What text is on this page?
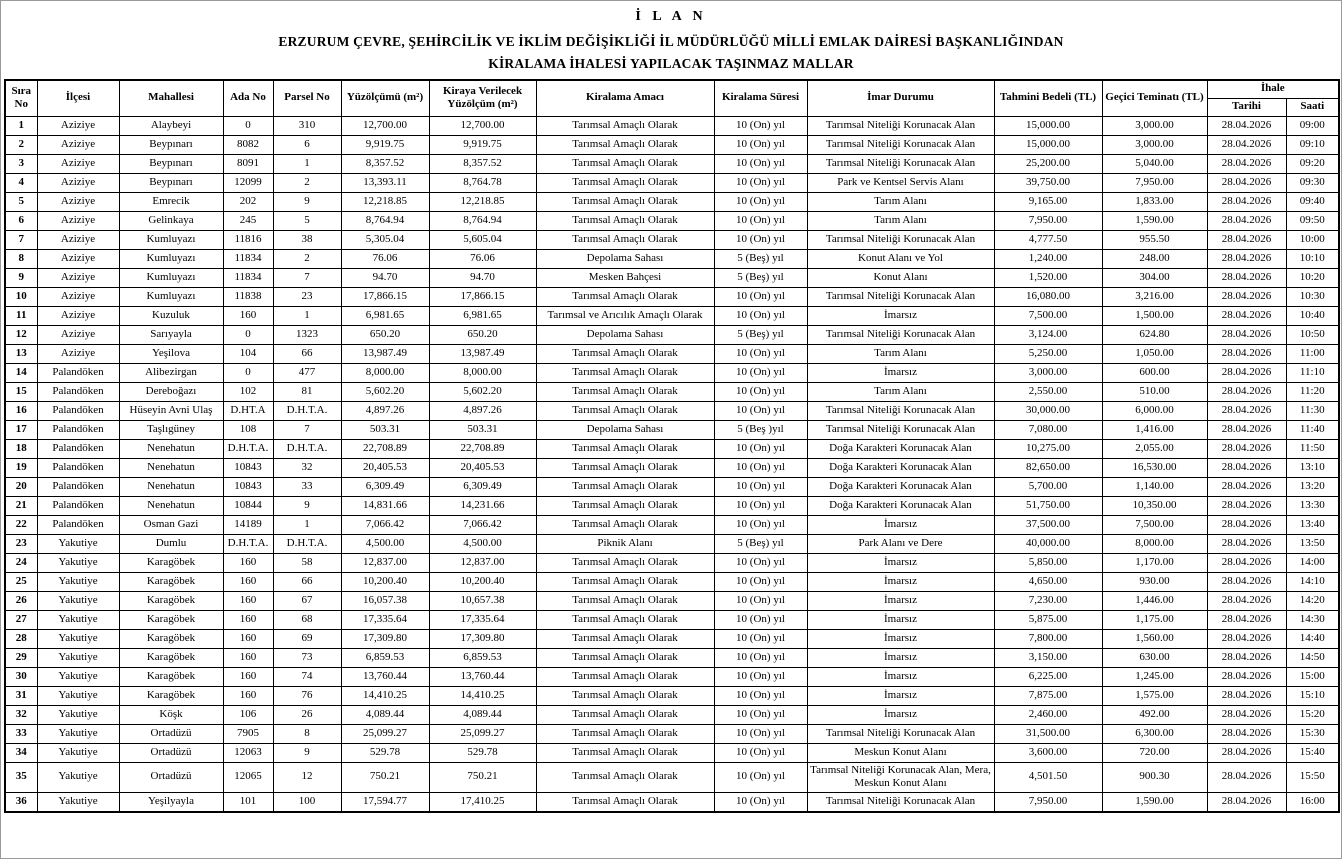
İ L A N
ERZURUM ÇEVRE, ŞEHİRCİLİK VE İKLİM DEĞİŞİKLİĞİ İL MÜDÜRLÜĞÜ MİLLİ EMLAK DAİRESİ BAŞKANLIĞINDAN
KİRALAMA İHALESİ YAPILACAK TAŞINMAZ MALLAR
Sıra No	İlçesi	Mahallesi	Ada No	Parsel No	Yüzölçümü (m²)	Kiraya Verilecek Yüzölçüm (m²)	Kiralama Amacı	Kiralama Süresi	İmar Durumu	Tahmini Bedeli (TL)	Geçici Teminatı (TL)	İhale	
												Tarihi	Saati
1	Aziziye	Alaybeyi	0	310	12,700.00	12,700.00	Tarımsal Amaçlı Olarak	10 (On) yıl	Tarımsal Niteliği Korunacak Alan	15,000.00	3,000.00	28.04.2026	09:00
2	Aziziye	Beypınarı	8082	6	9,919.75	9,919.75	Tarımsal Amaçlı Olarak	10 (On) yıl	Tarımsal Niteliği Korunacak Alan	15,000.00	3,000.00	28.04.2026	09:10
3	Aziziye	Beypınarı	8091	1	8,357.52	8,357.52	Tarımsal Amaçlı Olarak	10 (On) yıl	Tarımsal Niteliği Korunacak Alan	25,200.00	5,040.00	28.04.2026	09:20
4	Aziziye	Beypınarı	12099	2	13,393.11	8,764.78	Tarımsal Amaçlı Olarak	10 (On) yıl	Park ve Kentsel Servis Alanı	39,750.00	7,950.00	28.04.2026	09:30
5	Aziziye	Emrecik	202	9	12,218.85	12,218.85	Tarımsal Amaçlı Olarak	10 (On) yıl	Tarım Alanı	9,165.00	1,833.00	28.04.2026	09:40
6	Aziziye	Gelinkaya	245	5	8,764.94	8,764.94	Tarımsal Amaçlı Olarak	10 (On) yıl	Tarım Alanı	7,950.00	1,590.00	28.04.2026	09:50
7	Aziziye	Kumluyazı	11816	38	5,305.04	5,605.04	Tarımsal Amaçlı Olarak	10 (On) yıl	Tarımsal Niteliği Korunacak Alan	4,777.50	955.50	28.04.2026	10:00
8	Aziziye	Kumluyazı	11834	2	76.06	76.06	Depolama Sahası	5 (Beş) yıl	Konut Alanı ve Yol	1,240.00	248.00	28.04.2026	10:10
9	Aziziye	Kumluyazı	11834	7	94.70	94.70	Mesken Bahçesi	5 (Beş) yıl	Konut Alanı	1,520.00	304.00	28.04.2026	10:20
10	Aziziye	Kumluyazı	11838	23	17,866.15	17,866.15	Tarımsal Amaçlı Olarak	10 (On) yıl	Tarımsal Niteliği Korunacak Alan	16,080.00	3,216.00	28.04.2026	10:30
11	Aziziye	Kuzuluk	160	1	6,981.65	6,981.65	Tarımsal ve Arıcılık Amaçlı Olarak	10 (On) yıl	İmarsız	7,500.00	1,500.00	28.04.2026	10:40
12	Aziziye	Sarıyayla	0	1323	650.20	650.20	Depolama Sahası	5 (Beş) yıl	Tarımsal Niteliği Korunacak Alan	3,124.00	624.80	28.04.2026	10:50
13	Aziziye	Yeşilova	104	66	13,987.49	13,987.49	Tarımsal Amaçlı Olarak	10 (On) yıl	Tarım Alanı	5,250.00	1,050.00	28.04.2026	11:00
14	Palandöken	Alibezirgan	0	477	8,000.00	8,000.00	Tarımsal Amaçlı Olarak	10 (On) yıl	İmarsız	3,000.00	600.00	28.04.2026	11:10
15	Palandöken	Dereboğazı	102	81	5,602.20	5,602.20	Tarımsal Amaçlı Olarak	10 (On) yıl	Tarım Alanı	2,550.00	510.00	28.04.2026	11:20
16	Palandöken	Hüseyin Avni Ulaş	D.HT.A	D.H.T.A.	4,897.26	4,897.26	Tarımsal Amaçlı Olarak	10 (On) yıl	Tarımsal Niteliği Korunacak Alan	30,000.00	6,000.00	28.04.2026	11:30
17	Palandöken	Taşlıgüney	108	7	503.31	503.31	Depolama Sahası	5 (Beş )yıl	Tarımsal Niteliği Korunacak Alan	7,080.00	1,416.00	28.04.2026	11:40
18	Palandöken	Nenehatun	D.H.T.A.	D.H.T.A.	22,708.89	22,708.89	Tarımsal Amaçlı Olarak	10 (On) yıl	Doğa Karakteri Korunacak Alan	10,275.00	2,055.00	28.04.2026	11:50
19	Palandöken	Nenehatun	10843	32	20,405.53	20,405.53	Tarımsal Amaçlı Olarak	10 (On) yıl	Doğa Karakteri Korunacak Alan	82,650.00	16,530.00	28.04.2026	13:10
20	Palandöken	Nenehatun	10843	33	6,309.49	6,309.49	Tarımsal Amaçlı Olarak	10 (On) yıl	Doğa Karakteri Korunacak Alan	5,700.00	1,140.00	28.04.2026	13:20
21	Palandöken	Nenehatun	10844	9	14,831.66	14,231.66	Tarımsal Amaçlı Olarak	10 (On) yıl	Doğa Karakteri Korunacak Alan	51,750.00	10,350.00	28.04.2026	13:30
22	Palandöken	Osman Gazi	14189	1	7,066.42	7,066.42	Tarımsal Amaçlı Olarak	10 (On) yıl	İmarsız	37,500.00	7,500.00	28.04.2026	13:40
23	Yakutiye	Dumlu	D.H.T.A.	D.H.T.A.	4,500.00	4,500.00	Piknik Alanı	5 (Beş) yıl	Park Alanı ve Dere	40,000.00	8,000.00	28.04.2026	13:50
24	Yakutiye	Karagöbek	160	58	12,837.00	12,837.00	Tarımsal Amaçlı Olarak	10 (On) yıl	İmarsız	5,850.00	1,170.00	28.04.2026	14:00
25	Yakutiye	Karagöbek	160	66	10,200.40	10,200.40	Tarımsal Amaçlı Olarak	10 (On) yıl	İmarsız	4,650.00	930.00	28.04.2026	14:10
26	Yakutiye	Karagöbek	160	67	16,057.38	10,657.38	Tarımsal Amaçlı Olarak	10 (On) yıl	İmarsız	7,230.00	1,446.00	28.04.2026	14:20
27	Yakutiye	Karagöbek	160	68	17,335.64	17,335.64	Tarımsal Amaçlı Olarak	10 (On) yıl	İmarsız	5,875.00	1,175.00	28.04.2026	14:30
28	Yakutiye	Karagöbek	160	69	17,309.80	17,309.80	Tarımsal Amaçlı Olarak	10 (On) yıl	İmarsız	7,800.00	1,560.00	28.04.2026	14:40
29	Yakutiye	Karagöbek	160	73	6,859.53	6,859.53	Tarımsal Amaçlı Olarak	10 (On) yıl	İmarsız	3,150.00	630.00	28.04.2026	14:50
30	Yakutiye	Karagöbek	160	74	13,760.44	13,760.44	Tarımsal Amaçlı Olarak	10 (On) yıl	İmarsız	6,225.00	1,245.00	28.04.2026	15:00
31	Yakutiye	Karagöbek	160	76	14,410.25	14,410.25	Tarımsal Amaçlı Olarak	10 (On) yıl	İmarsız	7,875.00	1,575.00	28.04.2026	15:10
32	Yakutiye	Köşk	106	26	4,089.44	4,089.44	Tarımsal Amaçlı Olarak	10 (On) yıl	İmarsız	2,460.00	492.00	28.04.2026	15:20
33	Yakutiye	Ortadüzü	7905	8	25,099.27	25,099.27	Tarımsal Amaçlı Olarak	10 (On) yıl	Tarımsal Niteliği Korunacak Alan	31,500.00	6,300.00	28.04.2026	15:30
34	Yakutiye	Ortadüzü	12063	9	529.78	529.78	Tarımsal Amaçlı Olarak	10 (On) yıl	Meskun Konut Alanı	3,600.00	720.00	28.04.2026	15:40
35	Yakutiye	Ortadüzü	12065	12	750.21	750.21	Tarımsal Amaçlı Olarak	10 (On) yıl	Tarımsal Niteliği Korunacak Alan, Mera, Meskun Konut Alanı	4,501.50	900.30	28.04.2026	15:50
36	Yakutiye	Yeşilyayla	101	100	17,594.77	17,410.25	Tarımsal Amaçlı Olarak	10 (On) yıl	Tarımsal Niteliği Korunacak Alan	7,950.00	1,590.00	28.04.2026	16:00
